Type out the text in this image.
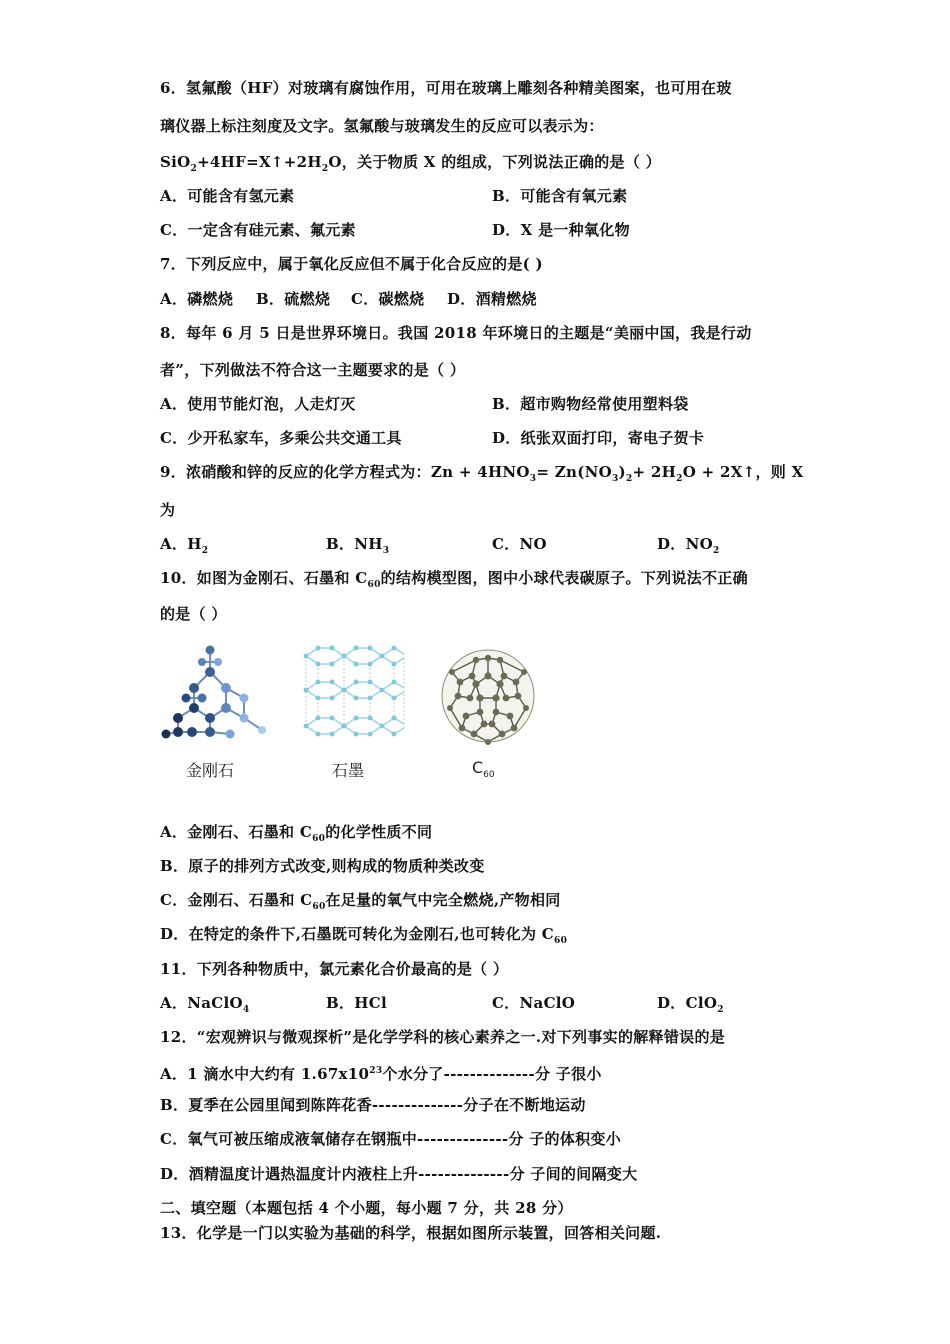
6．氢氟酸（HF）对玻璃有腐蚀作用，可用在玻璃上雕刻各种精美图案，也可用在玻
璃仪器上标注刻度及文字。氢氟酸与玻璃发生的反应可以表示为：
$SiO_2+4HF=X↑+2H_2O$，关于物质 X 的组成，下列说法正确的是（ ）
A．可能含有氢元素	B．可能含有氧元素
C．一定含有硅元素、氟元素	D．X 是一种氧化物
7．下列反应中，属于氧化反应但不属于化合反应的是( )
A．磷燃烧 B．硫燃烧 C．碳燃烧 D．酒精燃烧
8．每年 6 月 5 日是世界环境日。我国 2018 年环境日的主题是“美丽中国，我是行动
者”，下列做法不符合这一主题要求的是（ ）
A．使用节能灯泡，人走灯灭	B．超市购物经常使用塑料袋
C．少开私家车，多乘公共交通工具	D．纸张双面打印，寄电子贺卡
9．浓硝酸和锌的反应的化学方程式为：$Zn + 4HNO_3= Zn(NO_3)_2+ 2H_2O$ + 2X↑，则 X
为
A．$H_2$	B．$NH_3$	C．NO	D．$NO_2$
10．如图为金刚石、石墨和 $C_{60}$的结构模型图，图中小球代表碳原子。下列说法不正确
的是（ ）
金刚石	石墨	$C_{60}$
A．金刚石、石墨和 $C_{60}$的化学性质不同
B．原子的排列方式改变,则构成的物质种类改变
C．金刚石、石墨和 $C_{60}$在足量的氧气中完全燃烧,产物相同
D．在特定的条件下,石墨既可转化为金刚石,也可转化为 $C_{60}$
11．下列各种物质中，氯元素化合价最高的是（ ）
A．NaClO$_4$	B．HCl	C．NaClO	D．ClO$_2$
12．“宏观辨识与微观探析”是化学学科的核心素养之一.对下列事实的解释错误的是
A．1 滴水中大约有 $1.67x10^{23}$个水分了--------------分 子很小
B．夏季在公园里闻到陈阵花香--------------分子在不断地运动
C．氧气可被压缩成液氧储存在钢瓶中--------------分 子的体积变小
D．酒精温度计遇热温度计内液柱上升--------------分 子间的间隔变大
二、填空题（本题包括 4 个小题，每小题 7 分，共 28 分）
13．化学是一门以实验为基础的科学，根据如图所示装置，回答相关问题.
